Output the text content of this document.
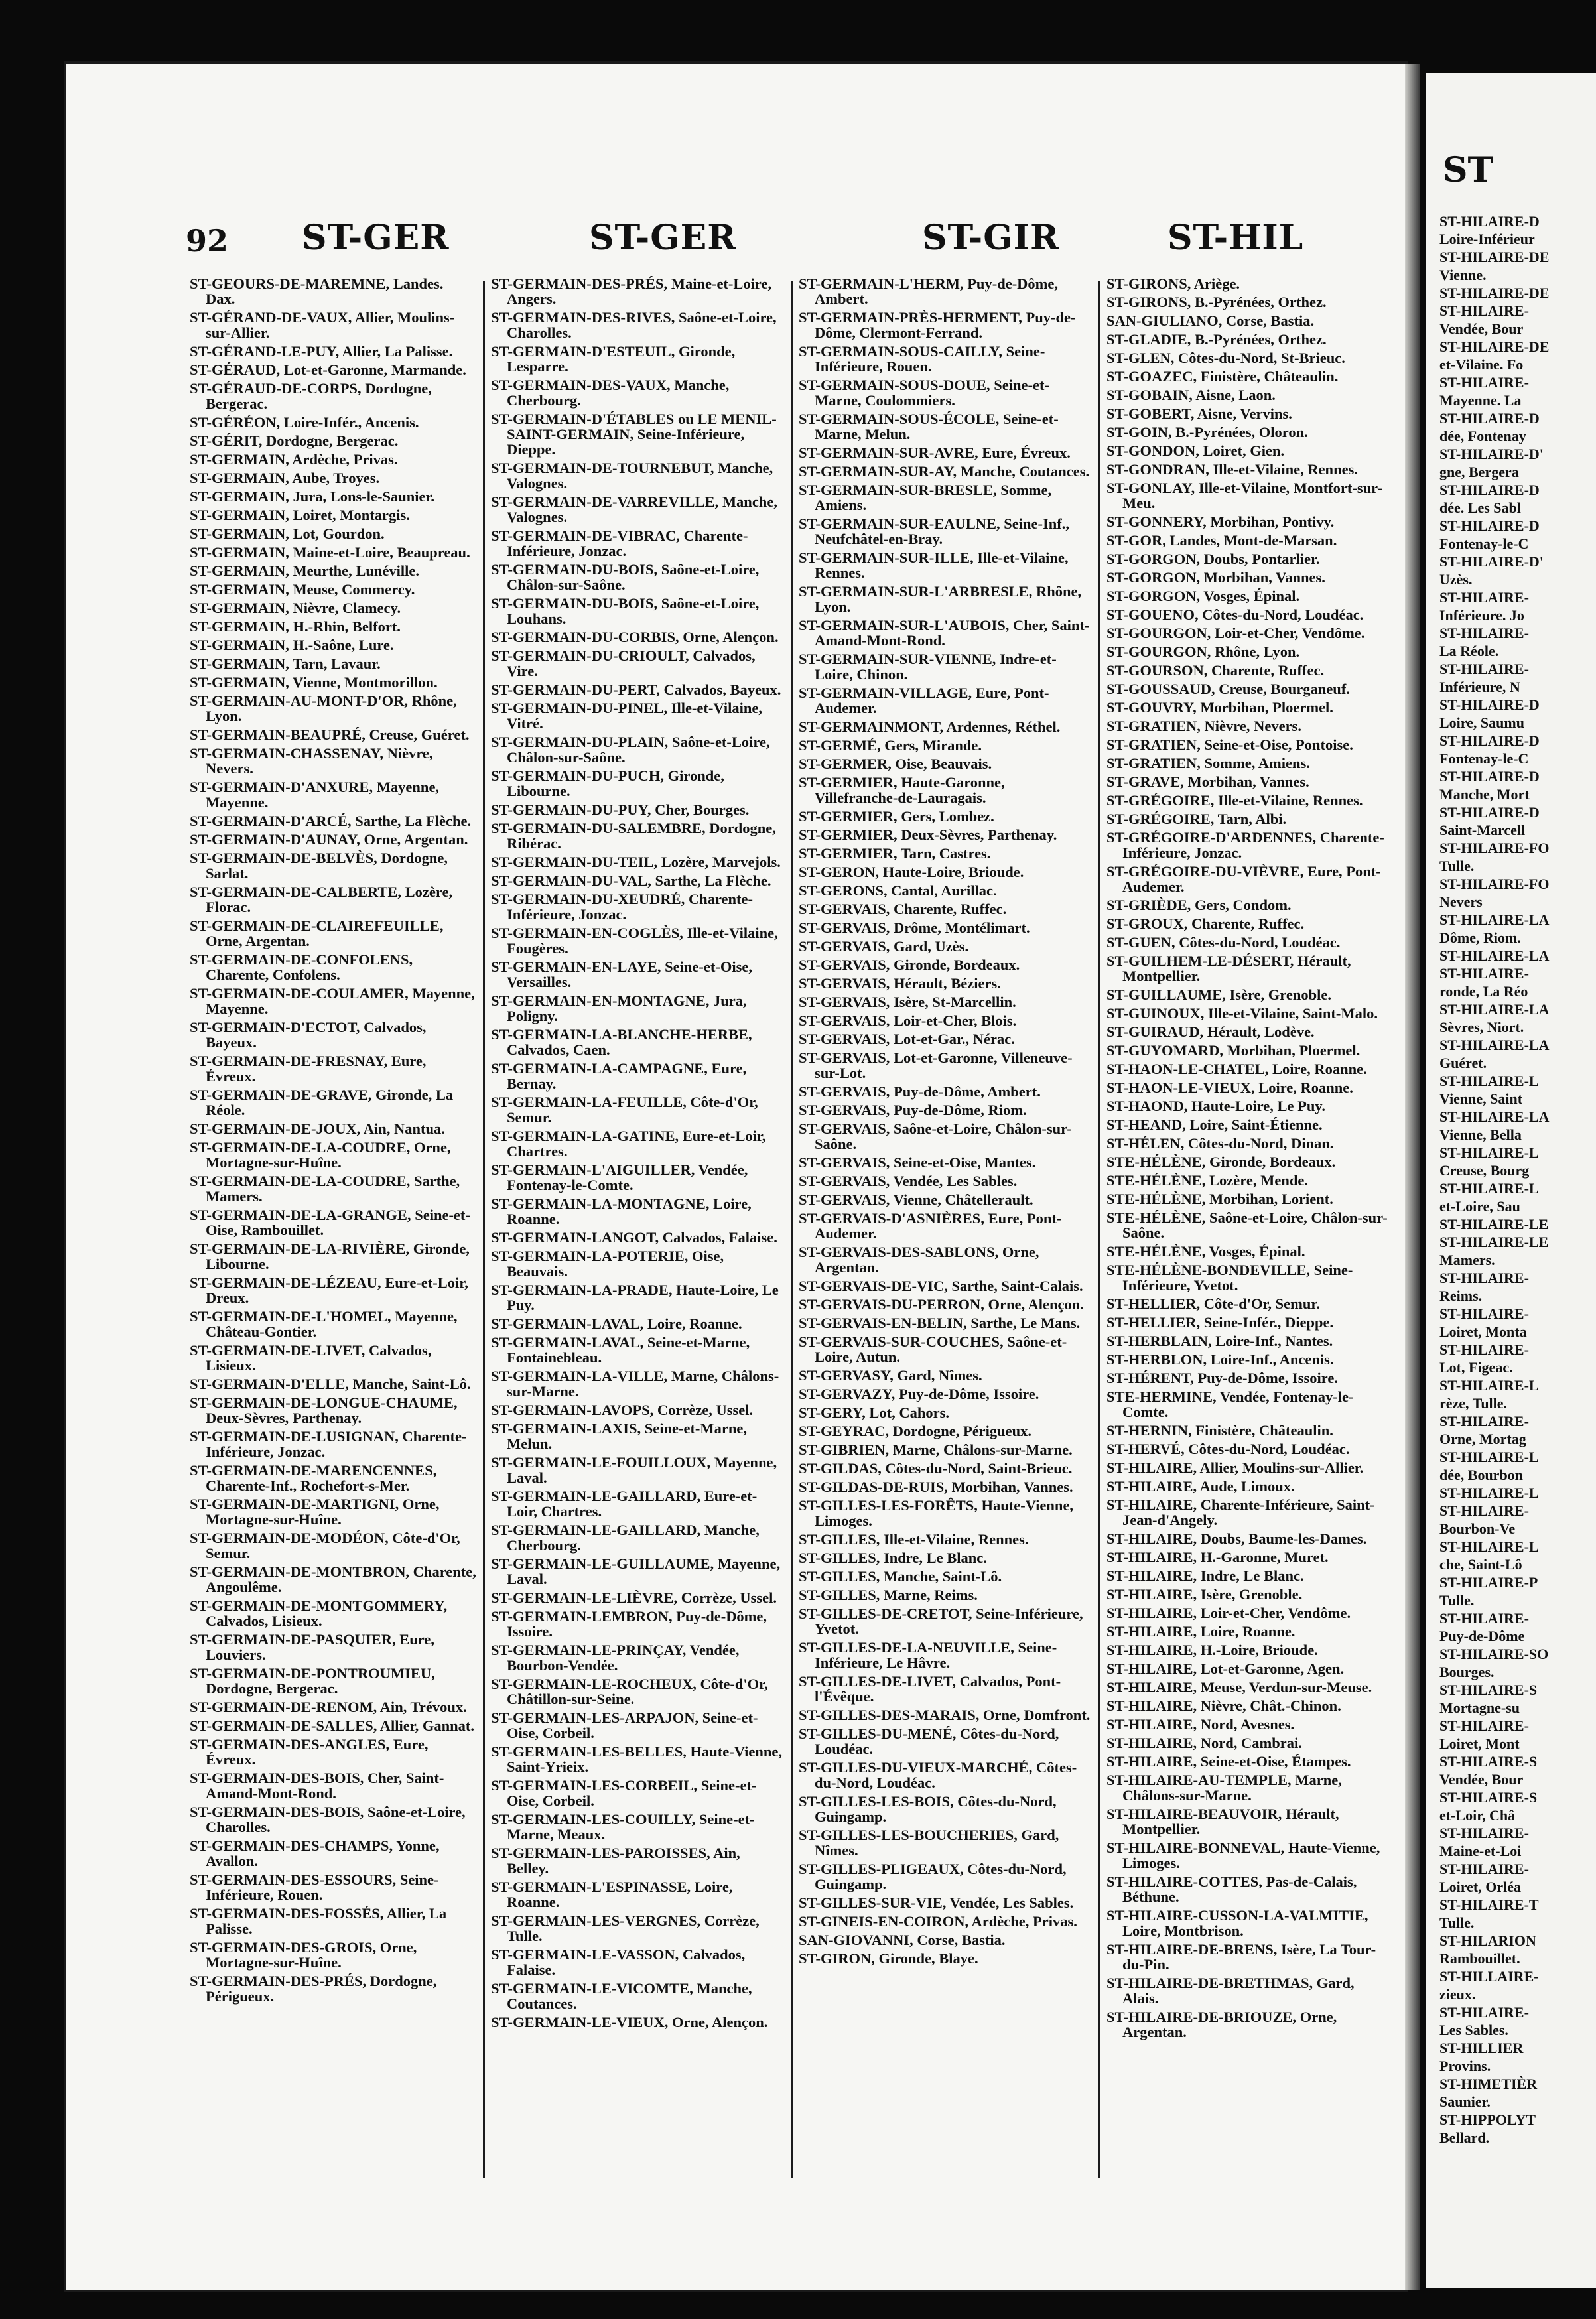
92 ST-GER	ST-GER	ST-GIR	ST-HIL

ST-GEOURS-DE-MAREMNE, Landes. Dax.

ST-GÉRAND-DE-VAUX, Allier, Moulins-sur-Allier.

ST-GÉRAND-LE-PUY, Allier, La Palisse.

ST-GÉRAUD, Lot-et-Garonne, Marmande.

ST-GÉRAUD-DE-CORPS, Dordogne, Bergerac.

ST-GÉRÉON, Loire-Infér., Ancenis.

ST-GÉRIT, Dordogne, Bergerac.

ST-GERMAIN, Ardèche, Privas.

ST-GERMAIN, Aube, Troyes.

ST-GERMAIN, Jura, Lons-le-Saunier.

ST-GERMAIN, Loiret, Montargis.

ST-GERMAIN, Lot, Gourdon.

ST-GERMAIN, Maine-et-Loire, Beaupreau.

ST-GERMAIN, Meurthe, Lunéville.

ST-GERMAIN, Meuse, Commercy.

ST-GERMAIN, Nièvre, Clamecy.

ST-GERMAIN, H.-Rhin, Belfort.

ST-GERMAIN, H.-Saône, Lure.

ST-GERMAIN, Tarn, Lavaur.

ST-GERMAIN, Vienne, Montmorillon.

ST-GERMAIN-AU-MONT-D'OR, Rhône, Lyon.

ST-GERMAIN-BEAUPRÉ, Creuse, Guéret.

ST-GERMAIN-CHASSENAY, Nièvre, Nevers.

ST-GERMAIN-D'ANXURE, Mayenne, Mayenne.

ST-GERMAIN-D'ARCÉ, Sarthe, La Flèche.

ST-GERMAIN-D'AUNAY, Orne, Argentan.

ST-GERMAIN-DE-BELVÈS, Dordogne, Sarlat.

ST-GERMAIN-DE-CALBERTE, Lozère, Florac.

ST-GERMAIN-DE-CLAIREFEUILLE, Orne, Argentan.

ST-GERMAIN-DE-CONFOLENS, Charente, Confolens.

ST-GERMAIN-DE-COULAMER, Mayenne, Mayenne.

ST-GERMAIN-D'ECTOT, Calvados, Bayeux.

ST-GERMAIN-DE-FRESNAY, Eure, Évreux.

ST-GERMAIN-DE-GRAVE, Gironde, La Réole.

ST-GERMAIN-DE-JOUX, Ain, Nantua.

ST-GERMAIN-DE-LA-COUDRE, Orne, Mortagne-sur-Huîne.

ST-GERMAIN-DE-LA-COUDRE, Sarthe, Mamers.

ST-GERMAIN-DE-LA-GRANGE, Seine-et-Oise, Rambouillet.

ST-GERMAIN-DE-LA-RIVIÈRE, Gironde, Libourne.

ST-GERMAIN-DE-LÉZEAU, Eure-et-Loir, Dreux.

ST-GERMAIN-DE-L'HOMEL, Mayenne, Château-Gontier.

ST-GERMAIN-DE-LIVET, Calvados, Lisieux.

ST-GERMAIN-D'ELLE, Manche, Saint-Lô.

ST-GERMAIN-DE-LONGUE-CHAUME, Deux-Sèvres, Parthenay.

ST-GERMAIN-DE-LUSIGNAN, Charente-Inférieure, Jonzac.

ST-GERMAIN-DE-MARENCENNES, Charente-Inf., Rochefort-s-Mer.

ST-GERMAIN-DE-MARTIGNI, Orne, Mortagne-sur-Huîne.

ST-GERMAIN-DE-MODÉON, Côte-d'Or, Semur.

ST-GERMAIN-DE-MONTBRON, Charente, Angoulême.

ST-GERMAIN-DE-MONTGOMMERY, Calvados, Lisieux.

ST-GERMAIN-DE-PASQUIER, Eure, Louviers.

ST-GERMAIN-DE-PONTROUMIEU, Dordogne, Bergerac.

ST-GERMAIN-DE-RENOM, Ain, Trévoux.

ST-GERMAIN-DE-SALLES, Allier, Gannat.

ST-GERMAIN-DES-ANGLES, Eure, Évreux.

ST-GERMAIN-DES-BOIS, Cher, Saint-Amand-Mont-Rond.

ST-GERMAIN-DES-BOIS, Saône-et-Loire, Charolles.

ST-GERMAIN-DES-CHAMPS, Yonne, Avallon.

ST-GERMAIN-DES-ESSOURS, Seine-Inférieure, Rouen.

ST-GERMAIN-DES-FOSSÉS, Allier, La Palisse.

ST-GERMAIN-DES-GROIS, Orne, Mortagne-sur-Huîne.

ST-GERMAIN-DES-PRÉS, Dordogne, Périgueux.

ST-GERMAIN-DES-PRÉS, Maine-et-Loire, Angers.

ST-GERMAIN-DES-RIVES, Saône-et-Loire, Charolles.

ST-GERMAIN-D'ESTEUIL, Gironde, Lesparre.

ST-GERMAIN-DES-VAUX, Manche, Cherbourg.

ST-GERMAIN-D'ÉTABLES ou LE MENIL-SAINT-GERMAIN, Seine-Inférieure, Dieppe.

ST-GERMAIN-DE-TOURNEBUT, Manche, Valognes.

ST-GERMAIN-DE-VARREVILLE, Manche, Valognes.

ST-GERMAIN-DE-VIBRAC, Charente-Inférieure, Jonzac.

ST-GERMAIN-DU-BOIS, Saône-et-Loire, Châlon-sur-Saône.

ST-GERMAIN-DU-BOIS, Saône-et-Loire, Louhans.

ST-GERMAIN-DU-CORBIS, Orne, Alençon.

ST-GERMAIN-DU-CRIOULT, Calvados, Vire.

ST-GERMAIN-DU-PERT, Calvados, Bayeux.

ST-GERMAIN-DU-PINEL, Ille-et-Vilaine, Vitré.

ST-GERMAIN-DU-PLAIN, Saône-et-Loire, Châlon-sur-Saône.

ST-GERMAIN-DU-PUCH, Gironde, Libourne.

ST-GERMAIN-DU-PUY, Cher, Bourges.

ST-GERMAIN-DU-SALEMBRE, Dordogne, Ribérac.

ST-GERMAIN-DU-TEIL, Lozère, Marvejols.

ST-GERMAIN-DU-VAL, Sarthe, La Flèche.

ST-GERMAIN-DU-XEUDRÉ, Charente-Inférieure, Jonzac.

ST-GERMAIN-EN-COGLÈS, Ille-et-Vilaine, Fougères.

ST-GERMAIN-EN-LAYE, Seine-et-Oise, Versailles.

ST-GERMAIN-EN-MONTAGNE, Jura, Poligny.

ST-GERMAIN-LA-BLANCHE-HERBE, Calvados, Caen.

ST-GERMAIN-LA-CAMPAGNE, Eure, Bernay.

ST-GERMAIN-LA-FEUILLE, Côte-d'Or, Semur.

ST-GERMAIN-LA-GATINE, Eure-et-Loir, Chartres.

ST-GERMAIN-L'AIGUILLER, Vendée, Fontenay-le-Comte.

ST-GERMAIN-LA-MONTAGNE, Loire, Roanne.

ST-GERMAIN-LANGOT, Calvados, Falaise.

ST-GERMAIN-LA-POTERIE, Oise, Beauvais.

ST-GERMAIN-LA-PRADE, Haute-Loire, Le Puy.

ST-GERMAIN-LAVAL, Loire, Roanne.

ST-GERMAIN-LAVAL, Seine-et-Marne, Fontainebleau.

ST-GERMAIN-LA-VILLE, Marne, Châlons-sur-Marne.

ST-GERMAIN-LAVOPS, Corrèze, Ussel.

ST-GERMAIN-LAXIS, Seine-et-Marne, Melun.

ST-GERMAIN-LE-FOUILLOUX, Mayenne, Laval.

ST-GERMAIN-LE-GAILLARD, Eure-et-Loir, Chartres.

ST-GERMAIN-LE-GAILLARD, Manche, Cherbourg.

ST-GERMAIN-LE-GUILLAUME, Mayenne, Laval.

ST-GERMAIN-LE-LIÈVRE, Corrèze, Ussel.

ST-GERMAIN-LEMBRON, Puy-de-Dôme, Issoire.

ST-GERMAIN-LE-PRINÇAY, Vendée, Bourbon-Vendée.

ST-GERMAIN-LE-ROCHEUX, Côte-d'Or, Châtillon-sur-Seine.

ST-GERMAIN-LES-ARPAJON, Seine-et-Oise, Corbeil.

ST-GERMAIN-LES-BELLES, Haute-Vienne, Saint-Yrieix.

ST-GERMAIN-LES-CORBEIL, Seine-et-Oise, Corbeil.

ST-GERMAIN-LES-COUILLY, Seine-et-Marne, Meaux.

ST-GERMAIN-LES-PAROISSES, Ain, Belley.

ST-GERMAIN-L'ESPINASSE, Loire, Roanne.

ST-GERMAIN-LES-VERGNES, Corrèze, Tulle.

ST-GERMAIN-LE-VASSON, Calvados, Falaise.

ST-GERMAIN-LE-VICOMTE, Manche, Coutances.

ST-GERMAIN-LE-VIEUX, Orne, Alençon.

ST-GERMAIN-L'HERM, Puy-de-Dôme, Ambert.

ST-GERMAIN-PRÈS-HERMENT, Puy-de-Dôme, Clermont-Ferrand.

ST-GERMAIN-SOUS-CAILLY, Seine-Inférieure, Rouen.

ST-GERMAIN-SOUS-DOUE, Seine-et-Marne, Coulommiers.

ST-GERMAIN-SOUS-ÉCOLE, Seine-et-Marne, Melun.

ST-GERMAIN-SUR-AVRE, Eure, Évreux.

ST-GERMAIN-SUR-AY, Manche, Coutances.

ST-GERMAIN-SUR-BRESLE, Somme, Amiens.

ST-GERMAIN-SUR-EAULNE, Seine-Inf., Neufchâtel-en-Bray.

ST-GERMAIN-SUR-ILLE, Ille-et-Vilaine, Rennes.

ST-GERMAIN-SUR-L'ARBRESLE, Rhône, Lyon.

ST-GERMAIN-SUR-L'AUBOIS, Cher, Saint-Amand-Mont-Rond.

ST-GERMAIN-SUR-VIENNE, Indre-et-Loire, Chinon.

ST-GERMAIN-VILLAGE, Eure, Pont-Audemer.

ST-GERMAINMONT, Ardennes, Réthel.

ST-GERMÉ, Gers, Mirande.

ST-GERMER, Oise, Beauvais.

ST-GERMIER, Haute-Garonne, Villefranche-de-Lauragais.

ST-GERMIER, Gers, Lombez.

ST-GERMIER, Deux-Sèvres, Parthenay.

ST-GERMIER, Tarn, Castres.

ST-GERON, Haute-Loire, Brioude.

ST-GERONS, Cantal, Aurillac.

ST-GERVAIS, Charente, Ruffec.

ST-GERVAIS, Drôme, Montélimart.

ST-GERVAIS, Gard, Uzès.

ST-GERVAIS, Gironde, Bordeaux.

ST-GERVAIS, Hérault, Béziers.

ST-GERVAIS, Isère, St-Marcellin.

ST-GERVAIS, Loir-et-Cher, Blois.

ST-GERVAIS, Lot-et-Gar., Nérac.

ST-GERVAIS, Lot-et-Garonne, Villeneuve-sur-Lot.

ST-GERVAIS, Puy-de-Dôme, Ambert.

ST-GERVAIS, Puy-de-Dôme, Riom.

ST-GERVAIS, Saône-et-Loire, Châlon-sur-Saône.

ST-GERVAIS, Seine-et-Oise, Mantes.

ST-GERVAIS, Vendée, Les Sables.

ST-GERVAIS, Vienne, Châtellerault.

ST-GERVAIS-D'ASNIÈRES, Eure, Pont-Audemer.

ST-GERVAIS-DES-SABLONS, Orne, Argentan.

ST-GERVAIS-DE-VIC, Sarthe, Saint-Calais.

ST-GERVAIS-DU-PERRON, Orne, Alençon.

ST-GERVAIS-EN-BELIN, Sarthe, Le Mans.

ST-GERVAIS-SUR-COUCHES, Saône-et-Loire, Autun.

ST-GERVASY, Gard, Nîmes.

ST-GERVAZY, Puy-de-Dôme, Issoire.

ST-GERY, Lot, Cahors.

ST-GEYRAC, Dordogne, Périgueux.

ST-GIBRIEN, Marne, Châlons-sur-Marne.

ST-GILDAS, Côtes-du-Nord, Saint-Brieuc.

ST-GILDAS-DE-RUIS, Morbihan, Vannes.

ST-GILLES-LES-FORÊTS, Haute-Vienne, Limoges.

ST-GILLES, Ille-et-Vilaine, Rennes.

ST-GILLES, Indre, Le Blanc.

ST-GILLES, Manche, Saint-Lô.

ST-GILLES, Marne, Reims.

ST-GILLES-DE-CRETOT, Seine-Inférieure, Yvetot.

ST-GILLES-DE-LA-NEUVILLE, Seine-Inférieure, Le Hâvre.

ST-GILLES-DE-LIVET, Calvados, Pont-l'Évêque.

ST-GILLES-DES-MARAIS, Orne, Domfront.

ST-GILLES-DU-MENÉ, Côtes-du-Nord, Loudéac.

ST-GILLES-DU-VIEUX-MARCHÉ, Côtes-du-Nord, Loudéac.

ST-GILLES-LES-BOIS, Côtes-du-Nord, Guingamp.

ST-GILLES-LES-BOUCHERIES, Gard, Nîmes.

ST-GILLES-PLIGEAUX, Côtes-du-Nord, Guingamp.

ST-GILLES-SUR-VIE, Vendée, Les Sables.

ST-GINEIS-EN-COIRON, Ardèche, Privas.

SAN-GIOVANNI, Corse, Bastia.

ST-GIRON, Gironde, Blaye.

ST-GIRONS, Ariège.

ST-GIRONS, B.-Pyrénées, Orthez.

SAN-GIULIANO, Corse, Bastia.

ST-GLADIE, B.-Pyrénées, Orthez.

ST-GLEN, Côtes-du-Nord, St-Brieuc.

ST-GOAZEC, Finistère, Châteaulin.

ST-GOBAIN, Aisne, Laon.

ST-GOBERT, Aisne, Vervins.

ST-GOIN, B.-Pyrénées, Oloron.

ST-GONDON, Loiret, Gien.

ST-GONDRAN, Ille-et-Vilaine, Rennes.

ST-GONLAY, Ille-et-Vilaine, Montfort-sur-Meu.

ST-GONNERY, Morbihan, Pontivy.

ST-GOR, Landes, Mont-de-Marsan.

ST-GORGON, Doubs, Pontarlier.

ST-GORGON, Morbihan, Vannes.

ST-GORGON, Vosges, Épinal.

ST-GOUENO, Côtes-du-Nord, Loudéac.

ST-GOURGON, Loir-et-Cher, Vendôme.

ST-GOURGON, Rhône, Lyon.

ST-GOURSON, Charente, Ruffec.

ST-GOUSSAUD, Creuse, Bourganeuf.

ST-GOUVRY, Morbihan, Ploermel.

ST-GRATIEN, Nièvre, Nevers.

ST-GRATIEN, Seine-et-Oise, Pontoise.

ST-GRATIEN, Somme, Amiens.

ST-GRAVE, Morbihan, Vannes.

ST-GRÉGOIRE, Ille-et-Vilaine, Rennes.

ST-GRÉGOIRE, Tarn, Albi.

ST-GRÉGOIRE-D'ARDENNES, Charente-Inférieure, Jonzac.

ST-GRÉGOIRE-DU-VIÈVRE, Eure, Pont-Audemer.

ST-GRIÈDE, Gers, Condom.

ST-GROUX, Charente, Ruffec.

ST-GUEN, Côtes-du-Nord, Loudéac.

ST-GUILHEM-LE-DÉSERT, Hérault, Montpellier.

ST-GUILLAUME, Isère, Grenoble.

ST-GUINOUX, Ille-et-Vilaine, Saint-Malo.

ST-GUIRAUD, Hérault, Lodève.

ST-GUYOMARD, Morbihan, Ploermel.

ST-HAON-LE-CHATEL, Loire, Roanne.

ST-HAON-LE-VIEUX, Loire, Roanne.

ST-HAOND, Haute-Loire, Le Puy.

ST-HEAND, Loire, Saint-Étienne.

ST-HÉLEN, Côtes-du-Nord, Dinan.

STE-HÉLÈNE, Gironde, Bordeaux.

STE-HÉLÈNE, Lozère, Mende.

STE-HÉLÈNE, Morbihan, Lorient.

STE-HÉLÈNE, Saône-et-Loire, Châlon-sur-Saône.

STE-HÉLÈNE, Vosges, Épinal.

STE-HÉLÈNE-BONDEVILLE, Seine-Inférieure, Yvetot.

ST-HELLIER, Côte-d'Or, Semur.

ST-HELLIER, Seine-Infér., Dieppe.

ST-HERBLAIN, Loire-Inf., Nantes.

ST-HERBLON, Loire-Inf., Ancenis.

ST-HÉRENT, Puy-de-Dôme, Issoire.

STE-HERMINE, Vendée, Fontenay-le-Comte.

ST-HERNIN, Finistère, Châteaulin.

ST-HERVÉ, Côtes-du-Nord, Loudéac.

ST-HILAIRE, Allier, Moulins-sur-Allier.

ST-HILAIRE, Aude, Limoux.

ST-HILAIRE, Charente-Inférieure, Saint-Jean-d'Angely.

ST-HILAIRE, Doubs, Baume-les-Dames.

ST-HILAIRE, H.-Garonne, Muret.

ST-HILAIRE, Indre, Le Blanc.

ST-HILAIRE, Isère, Grenoble.

ST-HILAIRE, Loir-et-Cher, Vendôme.

ST-HILAIRE, Loire, Roanne.

ST-HILAIRE, H.-Loire, Brioude.

ST-HILAIRE, Lot-et-Garonne, Agen.

ST-HILAIRE, Meuse, Verdun-sur-Meuse.

ST-HILAIRE, Nièvre, Chât.-Chinon.

ST-HILAIRE, Nord, Avesnes.

ST-HILAIRE, Nord, Cambrai.

ST-HILAIRE, Seine-et-Oise, Étampes.

ST-HILAIRE-AU-TEMPLE, Marne, Châlons-sur-Marne.

ST-HILAIRE-BEAUVOIR, Hérault, Montpellier.

ST-HILAIRE-BONNEVAL, Haute-Vienne, Limoges.

ST-HILAIRE-COTTES, Pas-de-Calais, Béthune.

ST-HILAIRE-CUSSON-LA-VALMITIE, Loire, Montbrison.

ST-HILAIRE-DE-BRENS, Isère, La Tour-du-Pin.

ST-HILAIRE-DE-BRETHMAS, Gard, Alais.

ST-HILAIRE-DE-BRIOUZE, Orne, Argentan.

ST

ST-HILAIRE-D

Loire-Inférieur

ST-HILAIRE-DE

Vienne.

ST-HILAIRE-DE

ST-HILAIRE-

Vendée, Bour

ST-HILAIRE-DE

et-Vilaine. Fo

ST-HILAIRE-

Mayenne. La

ST-HILAIRE-D

dée, Fontenay

ST-HILAIRE-D'

gne, Bergera

ST-HILAIRE-D

dée. Les Sabl

ST-HILAIRE-D

Fontenay-le-C

ST-HILAIRE-D'

Uzès.

ST-HILAIRE-

Inférieure. Jo

ST-HILAIRE-

La Réole.

ST-HILAIRE-

Inférieure, N

ST-HILAIRE-D

Loire, Saumu

ST-HILAIRE-D

Fontenay-le-C

ST-HILAIRE-D

Manche, Mort

ST-HILAIRE-D

Saint-Marcell

ST-HILAIRE-FO

Tulle.

ST-HILAIRE-FO

Nevers

ST-HILAIRE-LA

Dôme, Riom.

ST-HILAIRE-LA

ST-HILAIRE-

ronde, La Réo

ST-HILAIRE-LA

Sèvres, Niort.

ST-HILAIRE-LA

Guéret.

ST-HILAIRE-L

Vienne, Saint

ST-HILAIRE-LA

Vienne, Bella

ST-HILAIRE-L

Creuse, Bourg

ST-HILAIRE-L

et-Loire, Sau

ST-HILAIRE-LE

ST-HILAIRE-LE

Mamers.

ST-HILAIRE-

Reims.

ST-HILAIRE-

Loiret, Monta

ST-HILAIRE-

Lot, Figeac.

ST-HILAIRE-L

rèze, Tulle.

ST-HILAIRE-

Orne, Mortag

ST-HILAIRE-L

dée, Bourbon

ST-HILAIRE-L

ST-HILAIRE-

Bourbon-Ve

ST-HILAIRE-L

che, Saint-Lô

ST-HILAIRE-P

Tulle.

ST-HILAIRE-

Puy-de-Dôme

ST-HILAIRE-SO

Bourges.

ST-HILAIRE-S

Mortagne-su

ST-HILAIRE-

Loiret, Mont

ST-HILAIRE-S

Vendée, Bour

ST-HILAIRE-S

et-Loir, Châ

ST-HILAIRE-

Maine-et-Loi

ST-HILAIRE-

Loiret, Orléa

ST-HILAIRE-T

Tulle.

ST-HILARION

Rambouillet.

ST-HILLAIRE-

zieux.

ST-HILAIRE-

Les Sables.

ST-HILLIER

Provins.

ST-HIMETIÈR

Saunier.

ST-HIPPOLYT

Bellard.
